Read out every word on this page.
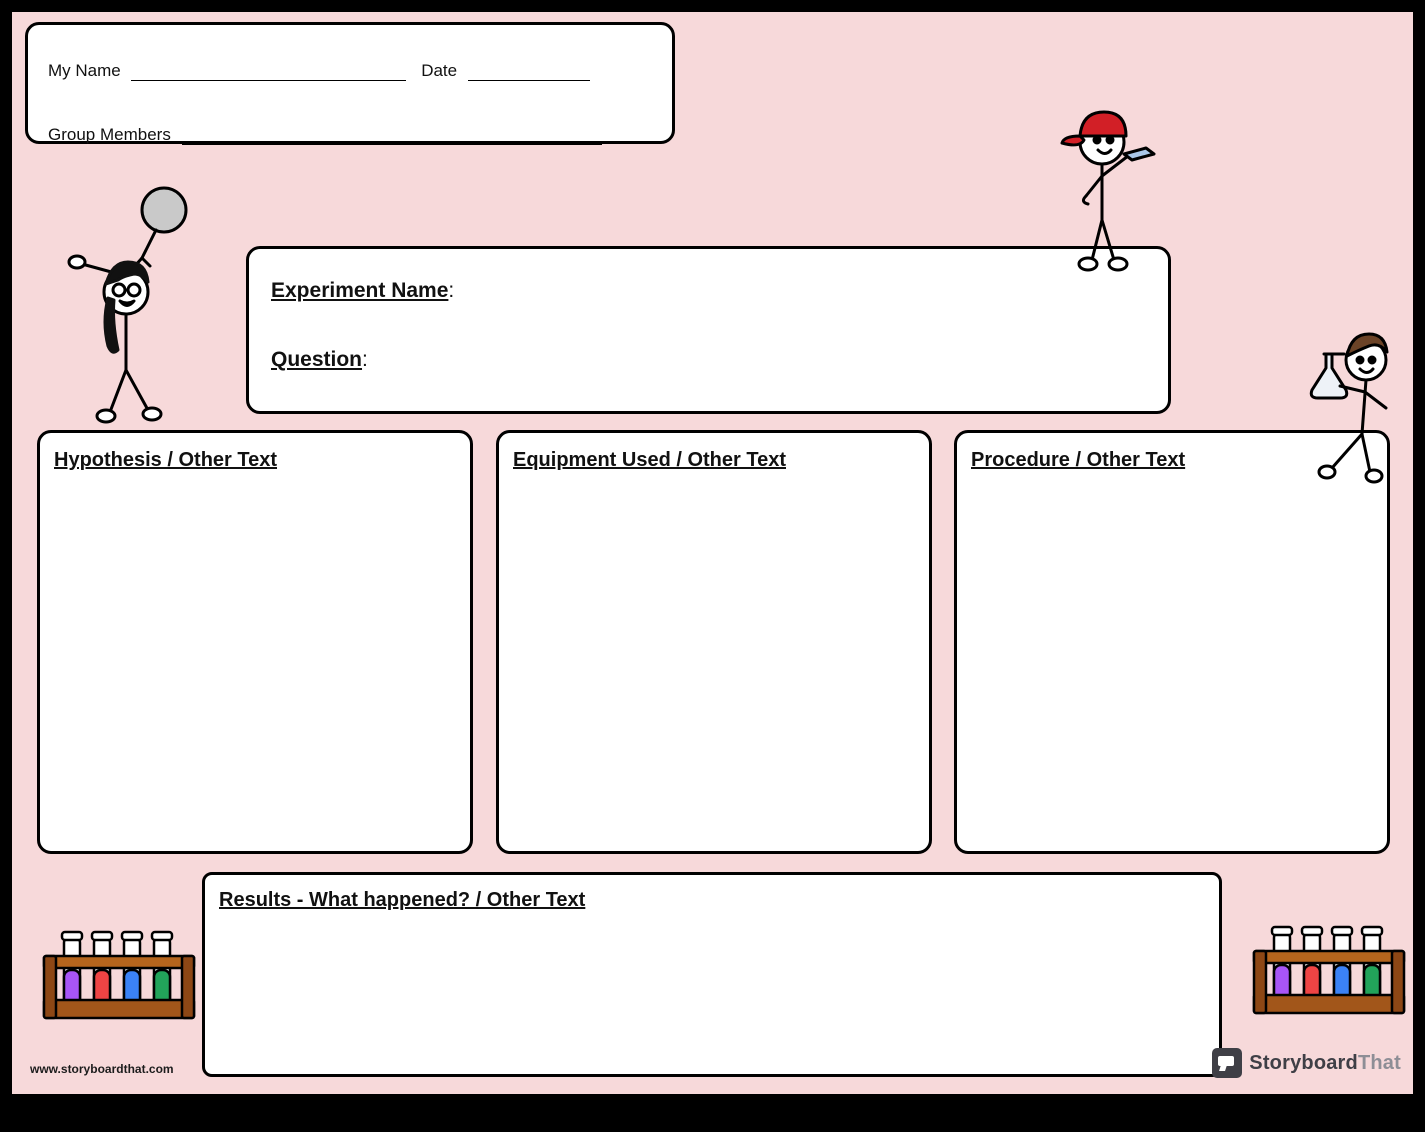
My Name	Date
Group Members
Experiment Name:
Question:
Hypothesis / Other Text	Equipment Used / Other Text	Procedure / Other Text
Results - What happened? / Other Text
www.storyboardthat.com	StoryboardThat
